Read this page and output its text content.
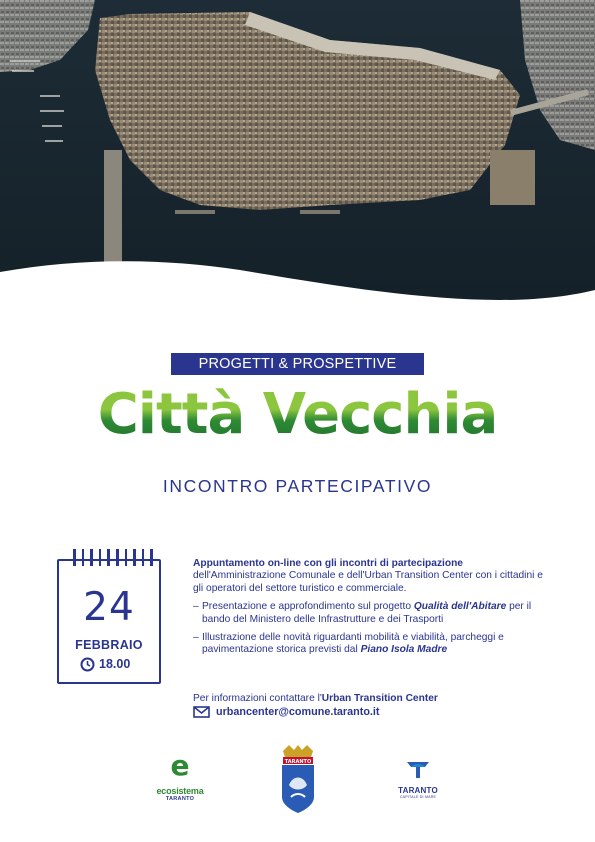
PROGETTI & PROSPETTIVE
Città Vecchia
INCONTRO PARTECIPATIVO
24
FEBBRAIO
18.00

Appuntamento on-line con gli incontri di partecipazione
dell'Amministrazione Comunale e dell'Urban Transition Center con i cittadini e gli operatori del settore turistico e commerciale.

– Presentazione e approfondimento sul progetto Qualità dell'Abitare per il bando del Ministero delle Infrastrutture e dei Trasporti
– Illustrazione delle novità riguardanti mobilità e viabilità, parcheggi e pavimentazione storica previsti dal Piano Isola Madre
Per informazioni contattare l'Urban Transition Center
urbancenter@comune.taranto.it
e
ecosistema
TARANTO
TARANTO
TARANTO
CAPITALE DI MARE
